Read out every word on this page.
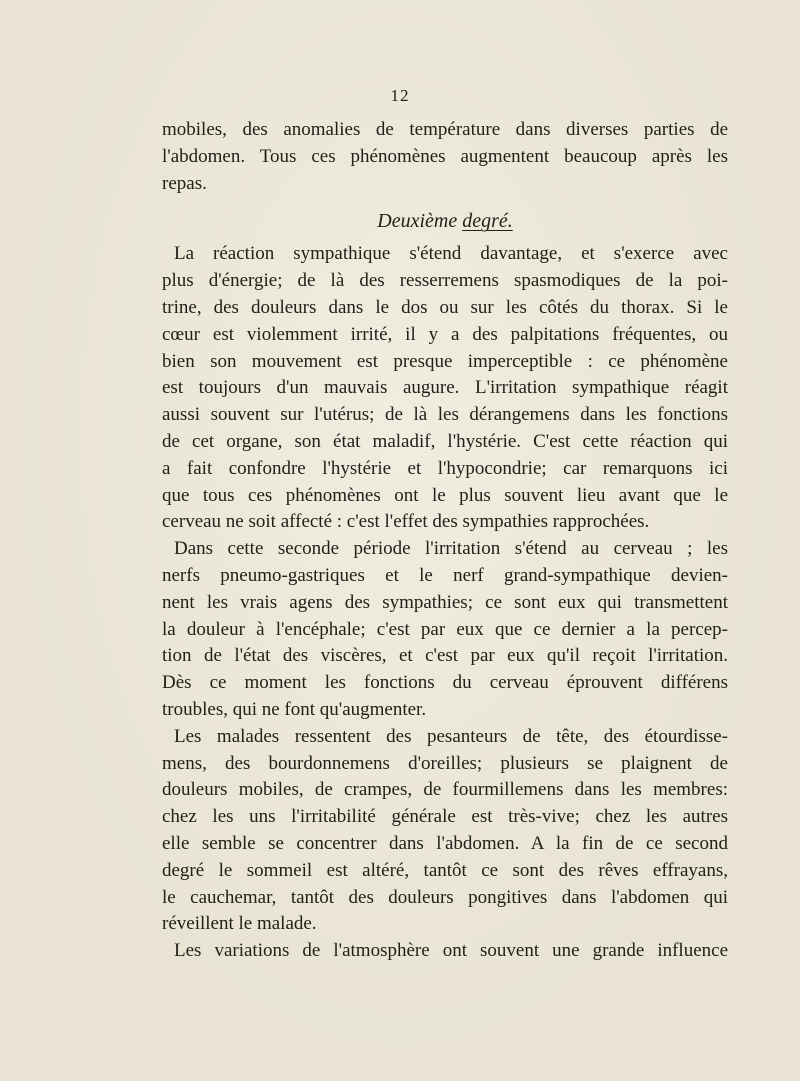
12
mobiles, des anomalies de température dans diverses parties de
l'abdomen. Tous ces phénomènes augmentent beaucoup après les
repas.
Deuxième degré.
La réaction sympathique s'étend davantage, et s'exerce avec
plus d'énergie; de là des resserremens spasmodiques de la poi-
trine, des douleurs dans le dos ou sur les côtés du thorax. Si le
cœur est violemment irrité, il y a des palpitations fréquentes, ou
bien son mouvement est presque imperceptible : ce phénomène
est toujours d'un mauvais augure. L'irritation sympathique réagit
aussi souvent sur l'utérus; de là les dérangemens dans les fonctions
de cet organe, son état maladif, l'hystérie. C'est cette réaction qui
a fait confondre l'hystérie et l'hypocondrie; car remarquons ici
que tous ces phénomènes ont le plus souvent lieu avant que le
cerveau ne soit affecté : c'est l'effet des sympathies rapprochées.
Dans cette seconde période l'irritation s'étend au cerveau ; les
nerfs pneumo-gastriques et le nerf grand-sympathique devien-
nent les vrais agens des sympathies; ce sont eux qui transmettent
la douleur à l'encéphale; c'est par eux que ce dernier a la percep-
tion de l'état des viscères, et c'est par eux qu'il reçoit l'irritation.
Dès ce moment les fonctions du cerveau éprouvent différens
troubles, qui ne font qu'augmenter.
Les malades ressentent des pesanteurs de tête, des étourdisse-
mens, des bourdonnemens d'oreilles; plusieurs se plaignent de
douleurs mobiles, de crampes, de fourmillemens dans les membres:
chez les uns l'irritabilité générale est très-vive; chez les autres
elle semble se concentrer dans l'abdomen. A la fin de ce second
degré le sommeil est altéré, tantôt ce sont des rêves effrayans,
le cauchemar, tantôt des douleurs pongitives dans l'abdomen qui
réveillent le malade.
Les variations de l'atmosphère ont souvent une grande influence
